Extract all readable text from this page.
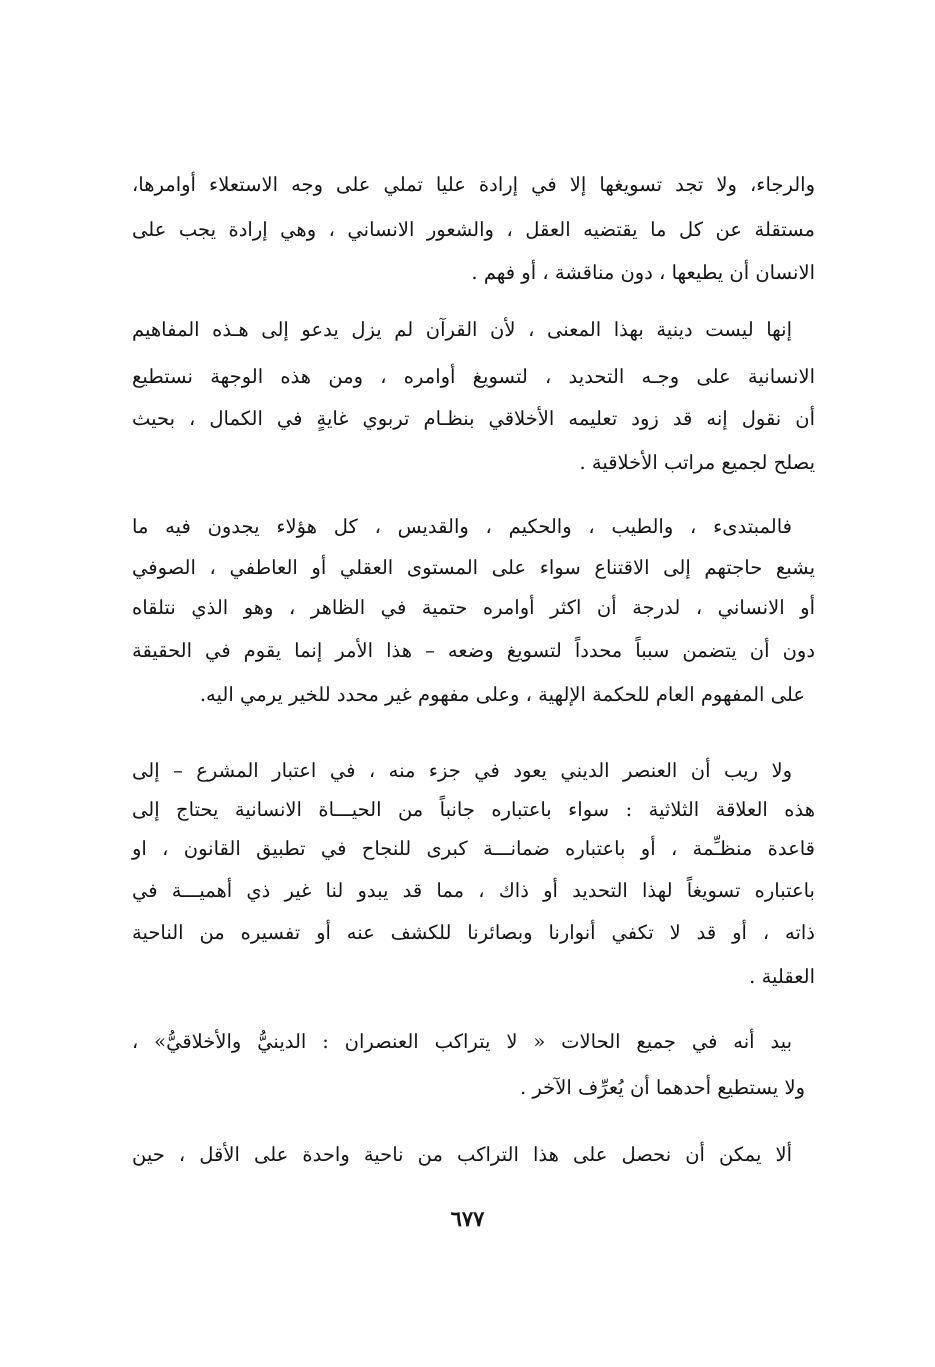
والرجاء، ولا تجد تسويغها إلا في إرادة عليا تملي على وجه الاستعلاء أوامرها،
مستقلة عن كل ما يقتضيه العقل ، والشعور الانساني ، وهي إرادة يجب على
الانسان أن يطيعها ، دون مناقشة ، أو فهم .
إنها ليست دينية بهذا المعنى ، لأن القرآن لم يزل يدعو إلى هـذه المفاهيم
الانسانية على وجـه التحديد ، لتسويغ أوامره ، ومن هذه الوجهة نستطيع
أن نقول إنه قد زود تعليمه الأخلاقي بنظـام تربوي غايةٍ في الكمال ، بحيث
يصلح لجميع مراتب الأخلاقية .
فالمبتدىء ، والطيب ، والحكيم ، والقديس ، كل هؤلاء يجدون فيه ما
يشبع حاجتهم إلى الاقتناع سواء على المستوى العقلي أو العاطفي ، الصوفي
أو الانساني ، لدرجة أن اكثر أوامره حتمية في الظاهر ، وهو الذي نتلقاه
دون أن يتضمن سبباً محدداً لتسويغ وضعه – هذا الأمر إنما يقوم في الحقيقة
على المفهوم العام للحكمة الإلهية ، وعلى مفهوم غير محدد للخير يرمي اليه.
ولا ريب أن العنصر الديني يعود في جزء منه ، في اعتبار المشرع – إلى
هذه العلاقة الثلاثية : سواء باعتباره جانباً من الحيـــاة الانسانية يحتاج إلى
قاعدة منظـِّمة ، أو باعتباره ضمانـــة كبرى للنجاح في تطبيق القانون ، او
باعتباره تسويغاً لهذا التحديد أو ذاك ، مما قد يبدو لنا غير ذي أهميـــة في
ذاته ، أو قد لا تكفي أنوارنا وبصائرنا للكشف عنه أو تفسيره من الناحية
العقلية .
بيد أنه في جميع الحالات « لا يتراكب العنصران : الدينيُّ والأخلاقيُّ» ،
ولا يستطيع أحدهما أن يُعرِّف الآخر .
ألا يمكن أن نحصل على هذا التراكب من ناحية واحدة على الأقل ، حين
٦٧٧
